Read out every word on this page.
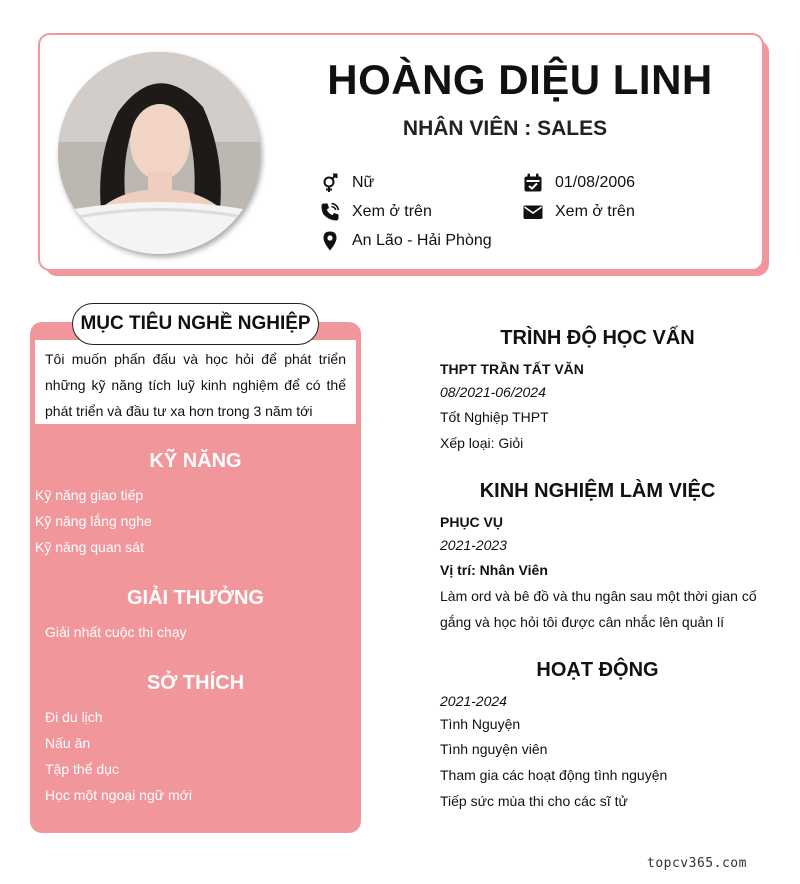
HOÀNG DIỆU LINH
NHÂN VIÊN : SALES
Nữ	01/08/2006
Xem ở trên	Xem ở trên
An Lão - Hải Phòng
MỤC TIÊU NGHỀ NGHIỆP
Tôi muốn phấn đấu và học hỏi để phát triển những kỹ năng tích luỹ kinh nghiệm để có thể phát triển và đầu tư xa hơn trong 3 năm tới
KỸ NĂNG
Kỹ năng giao tiếp
Kỹ năng lắng nghe
Kỹ năng quan sát
GIẢI THƯỞNG
Giải nhất cuộc thi chạy
SỞ THÍCH
Đi du lịch
Nấu ăn
Tập thể dục
Học một ngoại ngữ mới
TRÌNH ĐỘ HỌC VẤN
THPT TRẦN TẤT VĂN
08/2021-06/2024
Tốt Nghiệp THPT
Xếp loại: Giỏi
KINH NGHIỆM LÀM VIỆC
PHỤC VỤ
2021-2023
Vị trí: Nhân Viên
Làm ord và bê đồ và thu ngân sau một thời gian cố gắng và học hỏi tôi được cân nhắc lên quản lí
HOẠT ĐỘNG
2021-2024
Tình Nguyện
Tình nguyện viên
Tham gia các hoạt động tình nguyện
Tiếp sức mùa thi cho các sĩ tử
topcv365.com
